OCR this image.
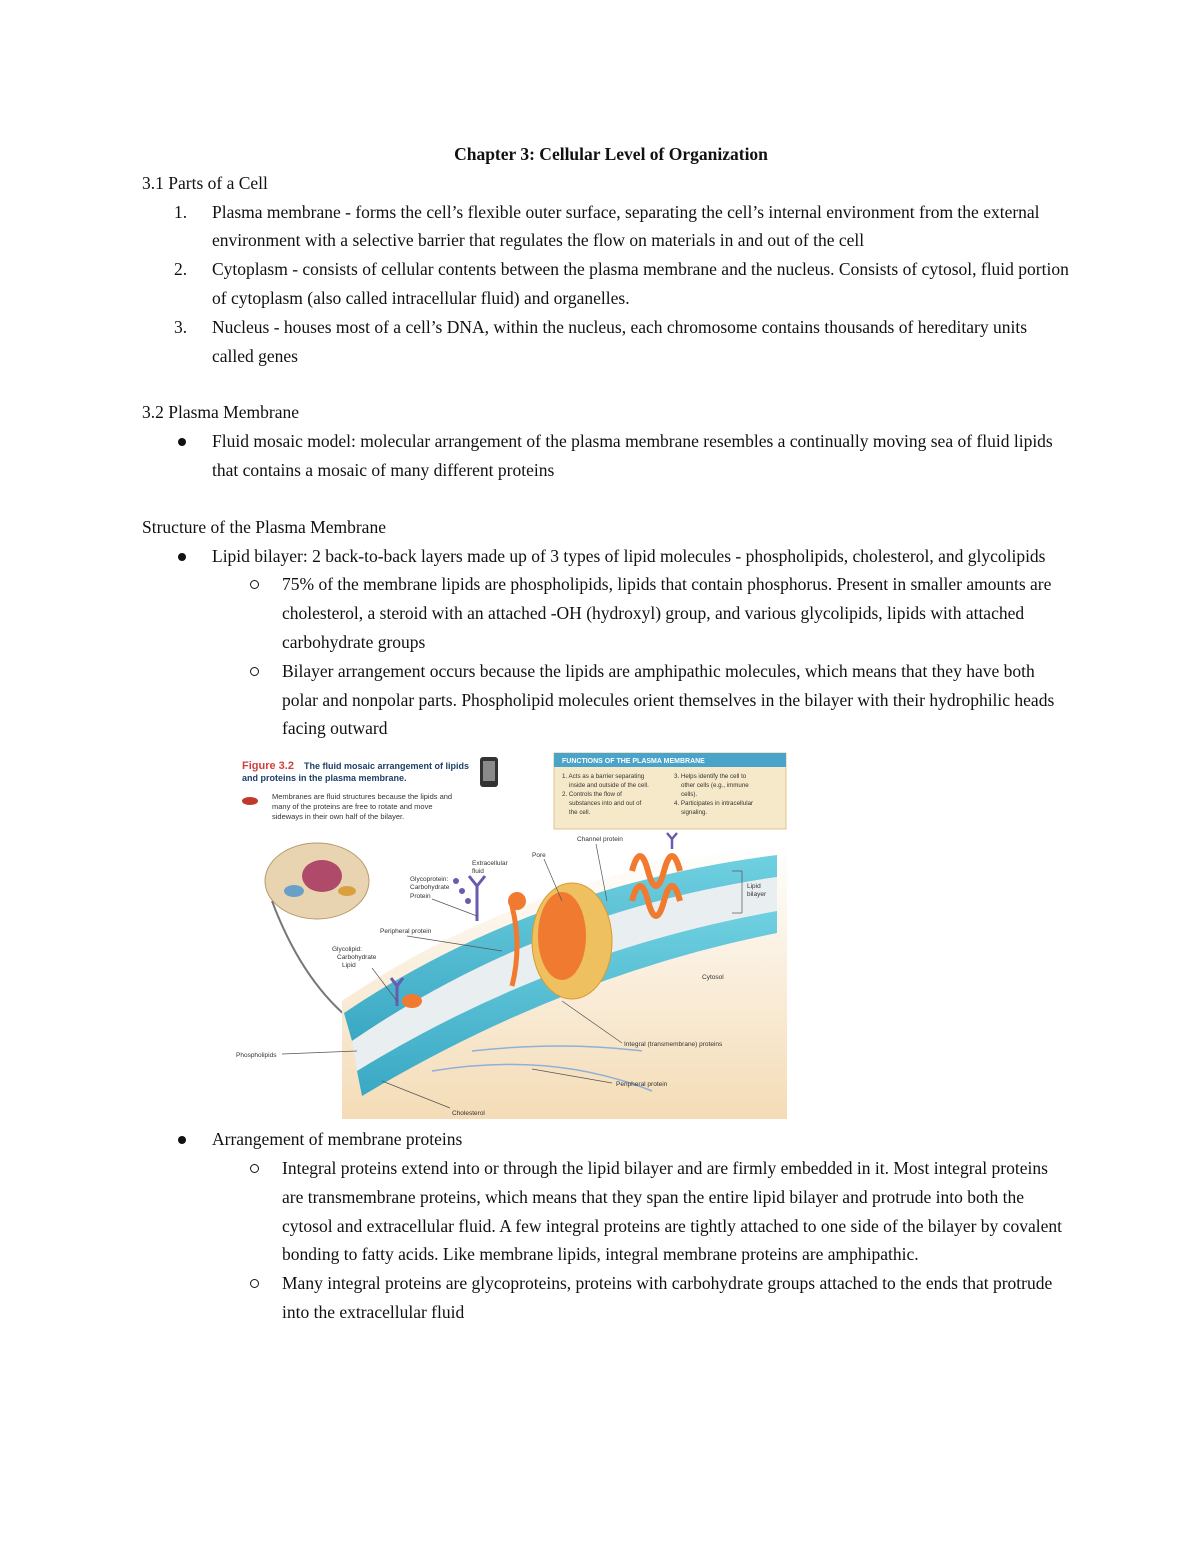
Chapter 3: Cellular Level of Organization

3.1 Parts of a Cell

1. Plasma membrane - forms the cell’s flexible outer surface, separating the cell’s internal environment from the external environment with a selective barrier that regulates the flow on materials in and out of the cell
2. Cytoplasm - consists of cellular contents between the plasma membrane and the nucleus. Consists of cytosol, fluid portion of cytoplasm (also called intracellular fluid) and organelles.
3. Nucleus - houses most of a cell’s DNA, within the nucleus, each chromosome contains thousands of hereditary units called genes

3.2 Plasma Membrane

Fluid mosaic model: molecular arrangement of the plasma membrane resembles a continually moving sea of fluid lipids that contains a mosaic of many different proteins

Structure of the Plasma Membrane

Lipid bilayer: 2 back-to-back layers made up of 3 types of lipid molecules - phospholipids, cholesterol, and glycolipids
75% of the membrane lipids are phospholipids, lipids that contain phosphorus. Present in smaller amounts are cholesterol, a steroid with an attached -OH (hydroxyl) group, and various glycolipids, lipids with attached carbohydrate groups
Bilayer arrangement occurs because the lipids are amphipathic molecules, which means that they have both polar and nonpolar parts. Phospholipid molecules orient themselves in the bilayer with their hydrophilic heads facing outward
Figure 3.2 The fluid mosaic arrangement of lipids
and proteins in the plasma membrane.
Membranes are fluid structures because the lipids and
many of the proteins are free to rotate and move
sideways in their own half of the bilayer.
FUNCTIONS OF THE PLASMA MEMBRANE
1. Acts as a barrier separating
inside and outside of the cell.
2. Controls the flow of
substances into and out of
the cell.
3. Helps identify the cell to
other cells (e.g., immune
cells).
4. Participates in intracellular
signaling.
Channel protein
Pore
Extracellular
fluid
Glycoprotein:
Carbohydrate
Protein
Peripheral protein
Glycolipid:
Carbohydrate
Lipid
Lipid
bilayer
Cytosol
Integral (transmembrane) proteins
Phospholipids
Peripheral protein
Cholesterol
Arrangement of membrane proteins
Integral proteins extend into or through the lipid bilayer and are firmly embedded in it. Most integral proteins are transmembrane proteins, which means that they span the entire lipid bilayer and protrude into both the cytosol and extracellular fluid. A few integral proteins are tightly attached to one side of the bilayer by covalent bonding to fatty acids. Like membrane lipids, integral membrane proteins are amphipathic.
Many integral proteins are glycoproteins, proteins with carbohydrate groups attached to the ends that protrude into the extracellular fluid
